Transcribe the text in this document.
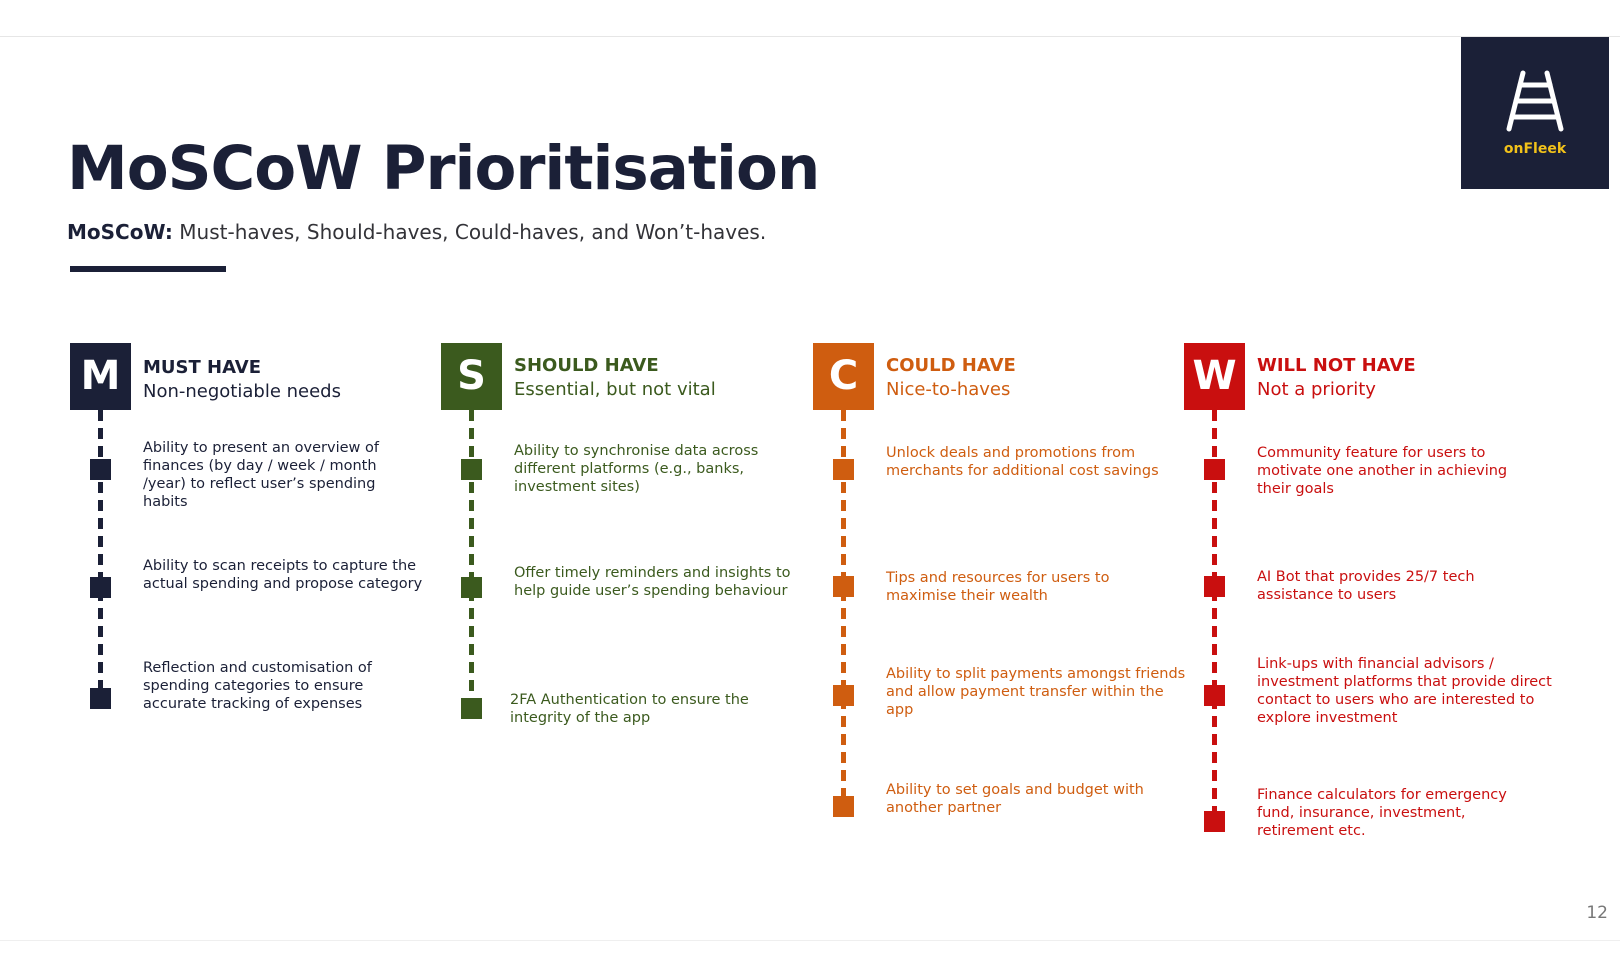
MoSCoW Prioritisation
MoSCoW: Must-haves, Should-haves, Could-haves, and Won’t-haves.
onFleek
M	MUST HAVE
Non-negotiable needs
Ability to present an overview of finances (by day / week / month /year) to reflect user’s spending habits
Ability to scan receipts to capture the actual spending and propose category
Reflection and customisation of spending categories to ensure accurate tracking of expenses
S	SHOULD HAVE
Essential, but not vital
Ability to synchronise data across different platforms (e.g., banks, investment sites)
Offer timely reminders and insights to help guide user’s spending behaviour
2FA Authentication to ensure the integrity of the app
C	COULD HAVE
Nice-to-haves
Unlock deals and promotions from merchants for additional cost savings
Tips and resources for users to maximise their wealth
Ability to split payments amongst friends and allow payment transfer within the app
Ability to set goals and budget with another partner
W	WILL NOT HAVE
Not a priority
Community feature for users to motivate one another in achieving their goals
AI Bot that provides 25/7 tech assistance to users
Link-ups with financial advisors / investment platforms that provide direct contact to users who are interested to explore investment
Finance calculators for emergency fund, insurance, investment, retirement etc.
12
